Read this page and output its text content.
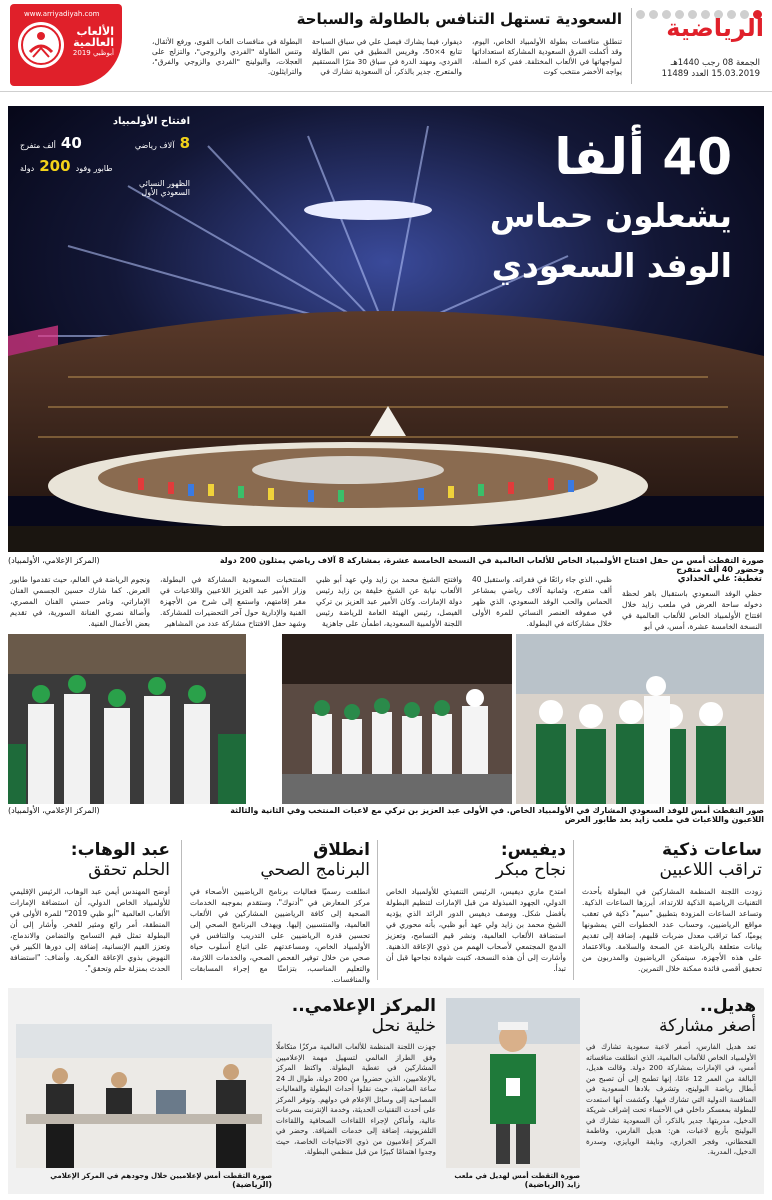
الرياضية
الجمعة 08 رجب 1440هـ
15.03.2019 العدد 11489
السعودية تستهل التنافس بالطاولة والسباحة
تنطلق منافسات بطولة الأولمبياد الخاص، اليوم، وقد أكملت الفرق السعودية المشاركة استعداداتها لمواجهاتها في الألعاب المختلفة. ففي كرة السلة، يواجه الأخضر منتخب كوت
ديفوار، فيما يشارك فيصل علي في سباق السباحة تتابع 4×50، وفريس المطيق في نص الطاولة الفردي، ومهند الدرة في سباق 30 مترًا المستقيم والمتعرج. جدير بالذكر، أن السعودية تشارك في
البطولة في منافسات العاب القوى، ورفع الأثقال، وتنس الطاولة "الفردي والزوجي"، والتزلج على العجلات، والبولينج "الفردي والزوجي والفرق"، والترايثلون.
www.arriyadiyah.com
الألعاب العالمية
أبوظبي 2019
40 ألفا
يشعلون حماس
الوفد السعودي
افتتاح الأولمبياد
8 آلاف رياضي
40 ألف متفرج
طابور وفود 200 دولة
الظهور النسائي السعودي الأول
(المركز الإعلامي، الأولمبياد)	صورة التقطت أمس من حفل افتتاح الأولمبياد الخاص للألعاب العالمية في النسخة الخامسة عشرة، بمشاركة 8 آلاف رياضي يمثلون 200 دولة وحضور 40 ألف متفرج
تغطية: علي الحدادي
حظي الوفد السعودي باستقبال باهر لحظة دخوله ساحة العرض في ملعب زايد خلال افتتاح الأولمبياد الخاص للألعاب العالمية في النسخة الخامسة عشرة، أمس، في أبو
ظبي، الذي جاء رائعًا في فقراته. واستقبل 40 ألف متفرج، وثمانية آلاف رياضي بمشاعر الحماس والحب الوفد السعودي، الذي ظهر في صفوفه العنصر النسائي للمرة الأولى خلال مشاركاته في البطولة.
وافتتح الشيخ محمد بن زايد ولي عهد أبو ظبي الألعاب نيابة عن الشيخ خليفة بن زايد رئيس دولة الإمارات. وكان الأمير عبد العزيز بن تركي الفيصل، رئيس الهيئة العامة للرياضة رئيس اللجنة الأولمبية السعودية، اطمأن على جاهزية
المنتخبات السعودية المشاركة في البطولة، وزار الأمير عبد العزيز اللاعبين واللاعبات في مقر إقامتهم، واستمع إلى شرح من الأجهزة الفنية والإدارية حول آخر التحضيرات للمشاركة. وشهد حفل الافتتاح مشاركة عدد من المشاهير
ونجوم الرياضة في العالم، حيث تقدموا طابور العرض. كما شارك حسين الجسمي الفنان الإماراتي، وتامر حسني الفنان المصري، وأصالة نصري الفنانة السورية، في تقديم بعض الأعمال الفنية.
(المركز الإعلامي، الأولمبياد)	صور التقطت أمس للوفد السعودي المشارك في الأولمبياد الخاص. في الأولى عبد العزيز بن تركي مع لاعبات المنتخب وفي الثانية والثالثة اللاعبون واللاعبات في ملعب زايد بعد طابور العرض
ساعات ذكية
تراقب اللاعبين
زودت اللجنة المنظمة المشاركين في البطولة بأحدث التقنيات الرياضية الذكية للارتداء، أبرزها الساعات الذكية. وتساعد الساعات المزودة بتطبيق "سيم" ذكية في تعقب مواقع الرياضيين، وحساب عدد الخطوات التي يمشونها يوميًا، كما تراقب معدل ضربات قلبهم، إضافة إلى تقديم بيانات متعلقة بالرياضة عن الصحة والسلامة. وبالاعتماد على هذه الأجهزة، سيتمكن الرياضيون والمدربون من تحقيق أقصى فائدة ممكنة خلال التمرين.
ديفيس:
نجاح مبكر
امتدح ماري ديفيس، الرئيس التنفيذي للأولمبياد الخاص الدولي، الجهود المبذولة من قبل الإمارات لتنظيم البطولة بأفضل شكل. ووصف ديفيس الدور الرائد الذي يؤديه الشيخ محمد بن زايد ولي عهد أبو ظبي، بأنه محوري في استضافة الألعاب العالمية، ونشر قيم التسامح، وتعزيز الدمج المجتمعي لأصحاب الهمم من ذوي الإعاقة الذهنية. وأشارت إلى أن هذه النسخة، كتبت شهادة نجاحها قبل أن تبدأ.
انطلاق
البرنامج الصحي
انطلقت رسميًا فعاليات برنامج الرياضيين الأصحاء في مركز المعارض في "أدنوك"، وستقدم بموجبه الخدمات الصحية إلى كافة الرياضيين المشاركين في الألعاب العالمية، والمنتسبين إليها. ويهدف البرنامج الصحي إلى تحسين قدرة الرياضيين على التدريب والتنافس في الأولمبياد الخاص، ومساعدتهم على اتباع أسلوب حياة صحي من خلال توفير الفحص الصحي، والخدمات اللازمة، والتعليم المناسب، بتزامنًا مع إجراء المسابقات والمنافسات.
عبد الوهاب:
الحلم تحقق
أوضح المهندس أيمن عبد الوهاب، الرئيس الإقليمي للأولمبياد الخاص الدولي، أن استضافة الإمارات الألعاب العالمية "أبو ظبي 2019" للمرة الأولى في المنطقة، أمر رائع ومثير للفخر. وأشار إلى أن البطولة تمثل قيم التسامح والتضامن والاندماج، وتعزز القيم الإنسانية، إضافة إلى دورها الكبير في النهوض بذوي الإعاقة الفكرية. وأضاف: "استضافة الحدث بمنزلة حلم وتحقق".
هديل..
أصغر مشاركة
تعد هديل الفارس، أصغر لاعبة سعودية تشارك في الأولمبياد الخاص للألعاب العالمية، الذي انطلقت منافساته أمس، في الإمارات بمشاركة 200 دولة. وقالت هديل، البالغة من العمر 12 عامًا، إنها تطمح إلى أن تصبح من أبطال رياضة البولينج، وتشرف بلادها السعودية في المنافسة الدولية التي تشارك فيها. وكشفت أنها استعدت للبطولة بمعسكر داخلي في الأحساء تحت إشراف شريكة الدخيل، مدربتها. جدير بالذكر، أن السعودية تشارك في البولينج بأربع لاعبات، هن: هديل الفارس، وفاطمة القحطاني، وفجر الخراري، ونايفة الويايزي، وسدرة الدخيل، المدربة.
صورة التقطت أمس لهديل في ملعب زايد (الرياضية)
المركز الإعلامي..
خلية نحل
جهزت اللجنة المنظمة للألعاب العالمية مركزًا متكاملًا وفق الطراز العالمي لتسهيل مهمة الإعلاميين المشاركين في تغطية البطولة. واكتظ المركز بالإعلاميين، الذين حضروا من 200 دولة، طوال الـ 24 ساعة الماضية، حيث نقلوا أحداث البطولة والفعاليات المصاحبة إلى وسائل الإعلام في دولهم. وتوفر المركز على أحدث التقنيات الحديثة، وخدمة الإنترنت بسرعات عالية، وأماكن لإجراء اللقاءات الصحافية واللقاءات التلفزيونية، إضافة إلى خدمات الضيافة. وحضر في المركز إعلاميون من ذوي الاحتياجات الخاصة، حيث وجدوا اهتمامًا كبيرًا من قبل منظمي البطولة.
صورة التقطت أمس لإعلاميين خلال وجودهم في المركز الإعلامي (الرياضية)
